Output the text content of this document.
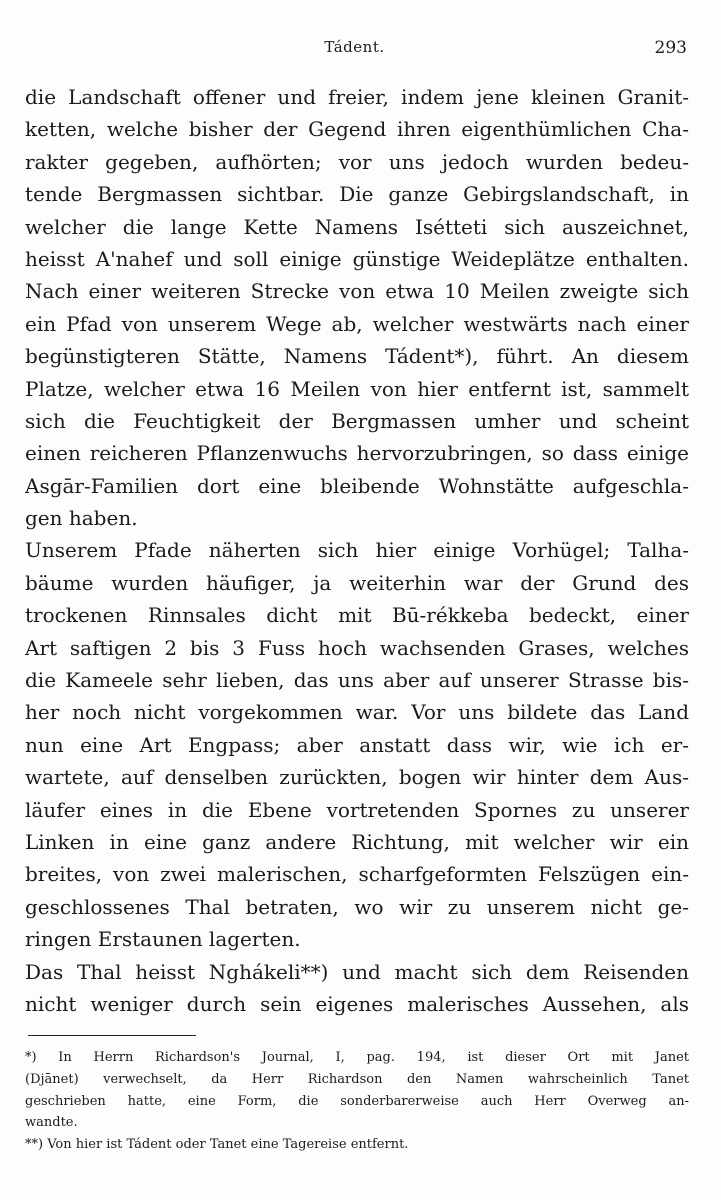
Tádent.	293
die Landschaft offener und freier, indem jene kleinen Granit-
ketten, welche bisher der Gegend ihren eigenthümlichen Cha-
rakter gegeben, aufhörten; vor uns jedoch wurden bedeu-
tende Bergmassen sichtbar. Die ganze Gebirgslandschaft, in
welcher die lange Kette Namens Isétteti sich auszeichnet,
heisst A'nahef und soll einige günstige Weideplätze enthalten.
Nach einer weiteren Strecke von etwa 10 Meilen zweigte sich
ein Pfad von unserem Wege ab, welcher westwärts nach einer
begünstigteren Stätte, Namens Tádent*), führt. An diesem
Platze, welcher etwa 16 Meilen von hier entfernt ist, sammelt
sich die Feuchtigkeit der Bergmassen umher und scheint
einen reicheren Pflanzenwuchs hervorzubringen, so dass einige
Asgār-Familien dort eine bleibende Wohnstätte aufgeschla-
gen haben.
Unserem Pfade näherten sich hier einige Vorhügel; Talha-
bäume wurden häufiger, ja weiterhin war der Grund des
trockenen Rinnsales dicht mit Bū-rékkeba bedeckt, einer
Art saftigen 2 bis 3 Fuss hoch wachsenden Grases, welches
die Kameele sehr lieben, das uns aber auf unserer Strasse bis-
her noch nicht vorgekommen war. Vor uns bildete das Land
nun eine Art Engpass; aber anstatt dass wir, wie ich er-
wartete, auf denselben zurückten, bogen wir hinter dem Aus-
läufer eines in die Ebene vortretenden Spornes zu unserer
Linken in eine ganz andere Richtung, mit welcher wir ein
breites, von zwei malerischen, scharfgeformten Felszügen ein-
geschlossenes Thal betraten, wo wir zu unserem nicht ge-
ringen Erstaunen lagerten.
Das Thal heisst Nghákeli**) und macht sich dem Reisenden
nicht weniger durch sein eigenes malerisches Aussehen, als
*) In Herrn Richardson's Journal, I, pag. 194, ist dieser Ort mit Janet
(Djānet) verwechselt, da Herr Richardson den Namen wahrscheinlich Tanet
geschrieben hatte, eine Form, die sonderbarerweise auch Herr Overweg an-
wandte.
**) Von hier ist Tádent oder Tanet eine Tagereise entfernt.
